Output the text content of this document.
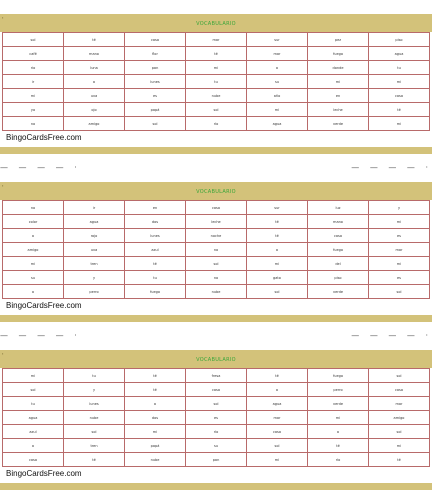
▪
VOCABULARIO
sol	té	casa	mar	sur	pez	piso
café	mano	flor	té	mar	fuego	agua
rio	luna	pan	mi	a	donde	tu
ir	a	lunes	tu	su	mi	mi
mi	uva	es	nube	año	en	casa
yo	ojo	papá	sol	mi	leche	té
no	amigo	sol	río	agua	verde	mi
BingoCardsFree.com
— — — — ·	— — — — ·
▪
VOCABULARIO
no	ir	en	casa	sur	luz	y
color	agua	dos	leche	té	mano	mi
a	rojo	lunes	noche	té	casa	es
amigo	uva	azul	no	a	fuego	mar
mi	tren	té	sol	mi	del	mi
su	y	tu	no	gato	piso	es
a	perro	fuego	nube	sol	verde	sol
BingoCardsFree.com
— — — — ·	— — — — ·
▪
VOCABULARIO
mi	tu	té	fresa	té	fuego	sol
sol	y	té	casa	a	perro	casa
tu	lunes	a	sol	agua	verde	mar
agua	nube	dos	es	mar	mi	amigo
azul	sol	mi	río	casa	a	sol
a	tren	papá	su	sol	té	mi
casa	té	nube	pan	mi	río	té
BingoCardsFree.com
